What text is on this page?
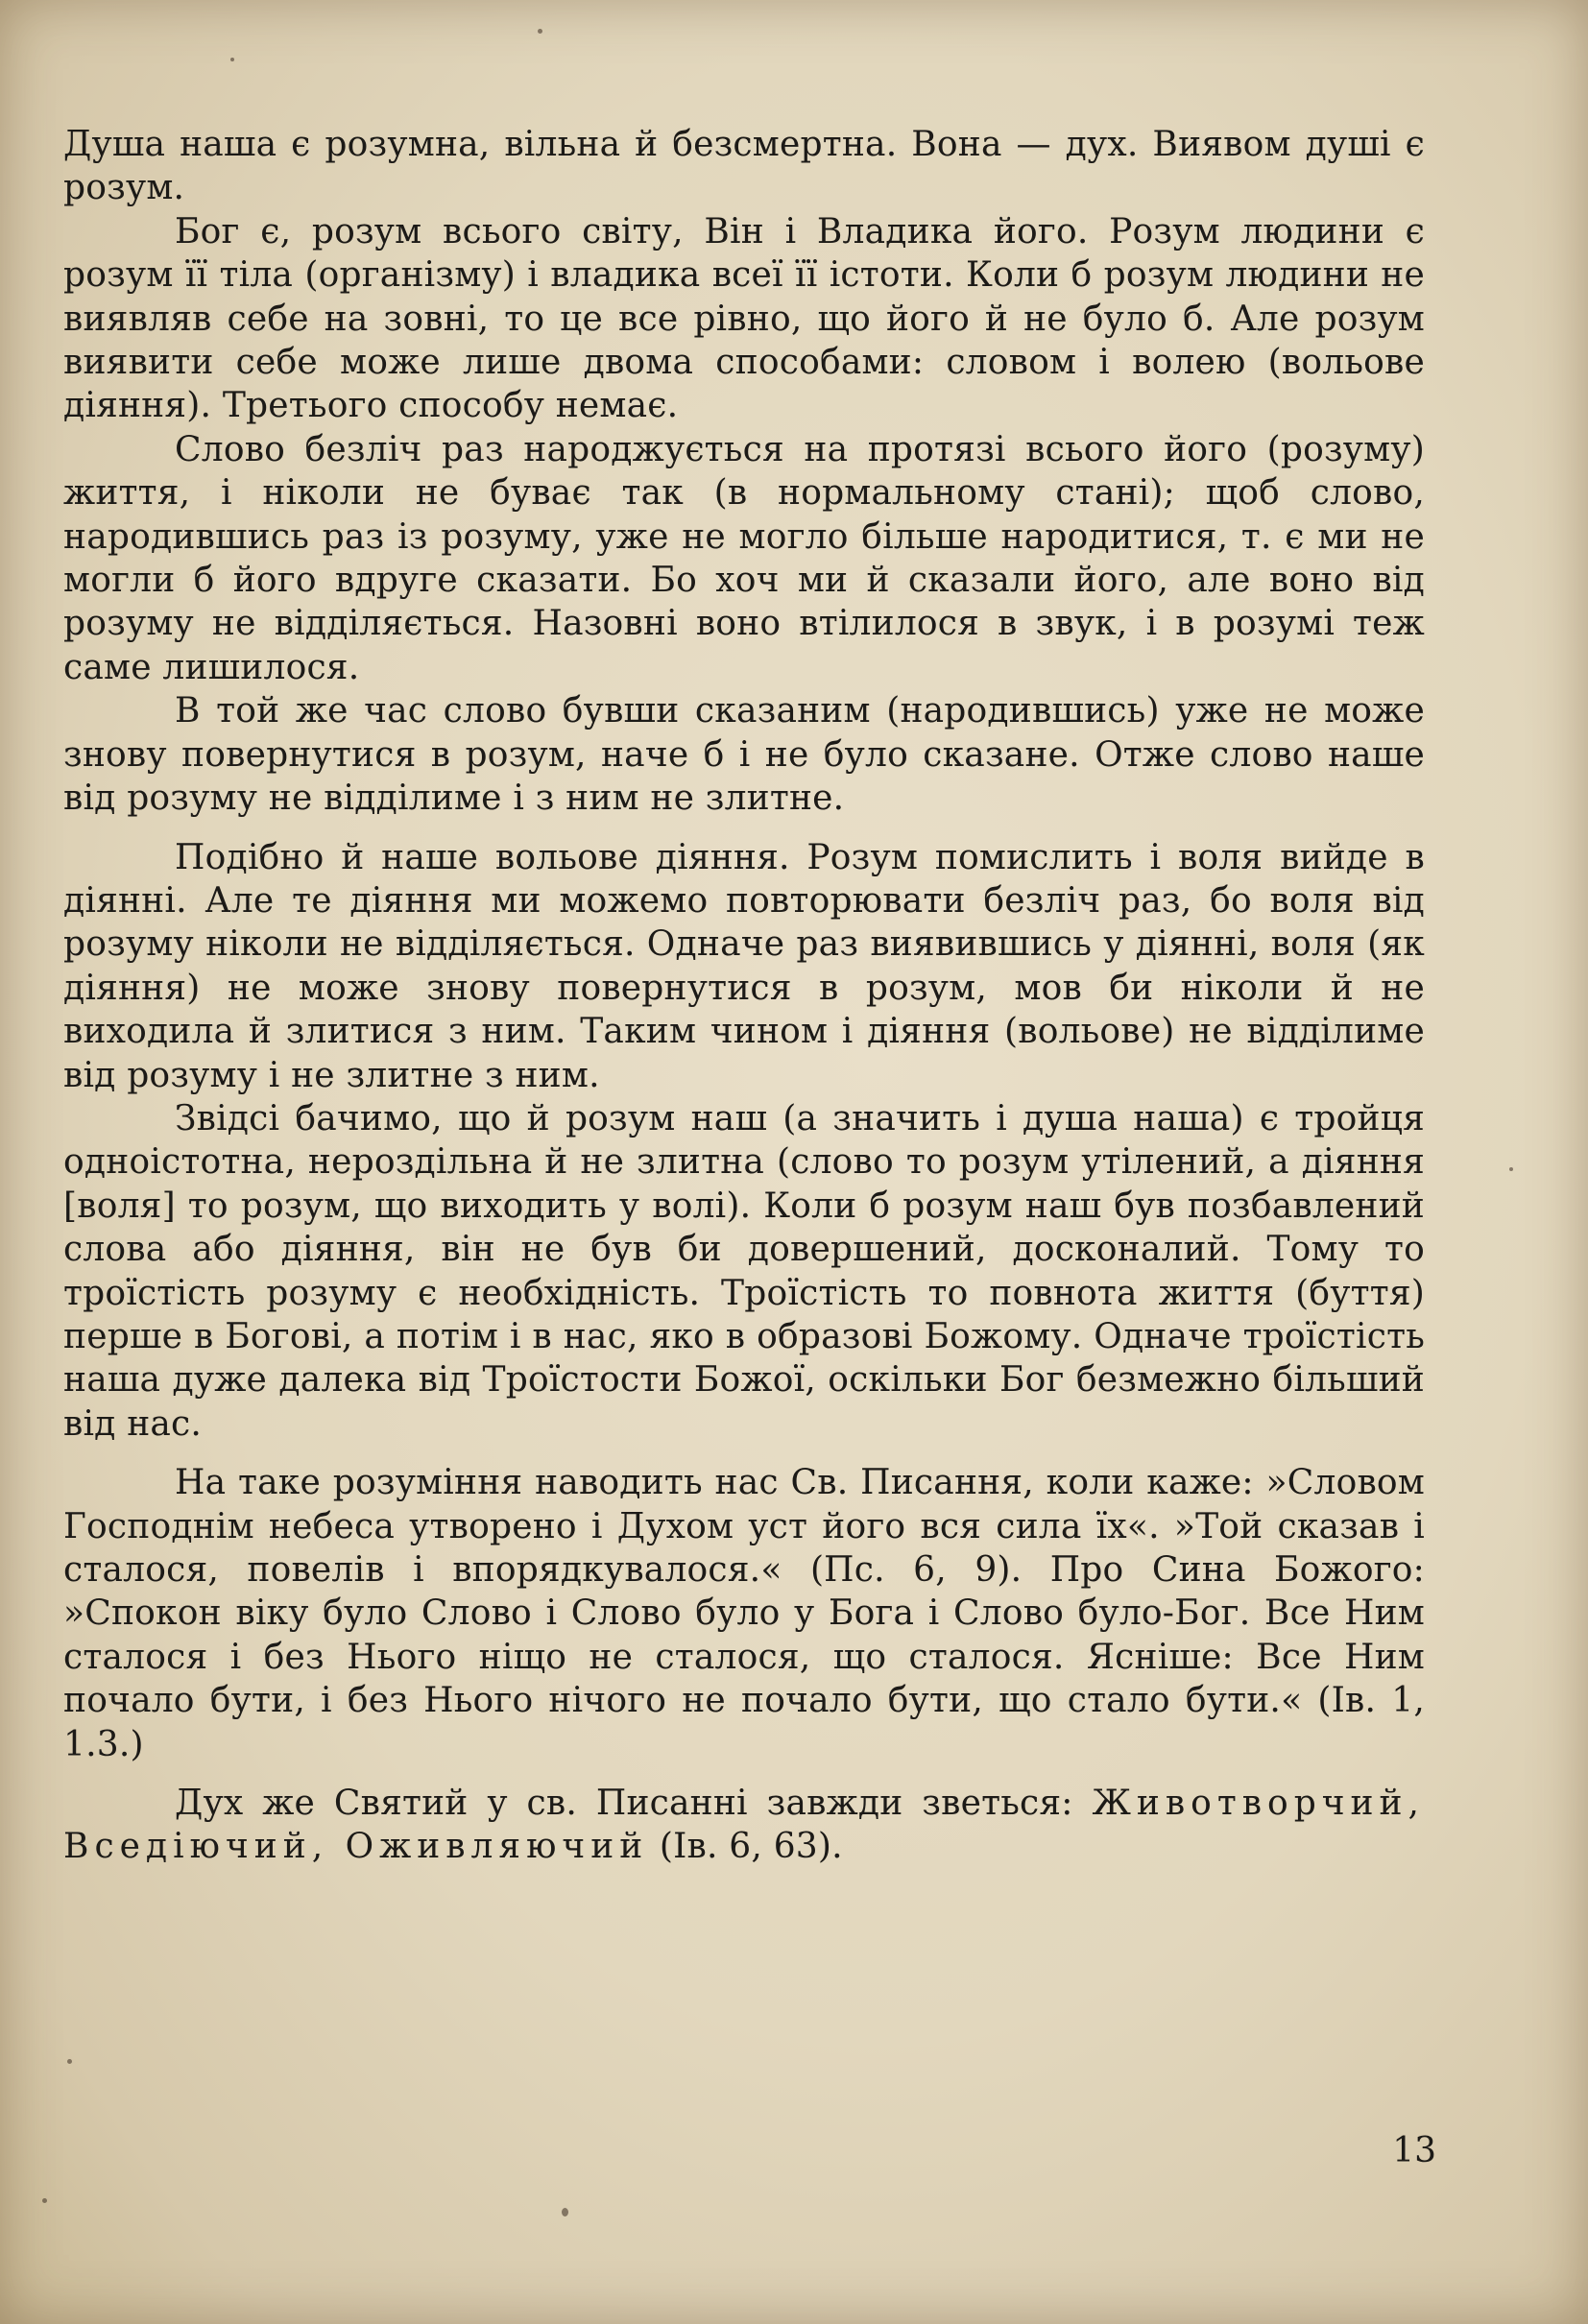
Душа наша є розумна, вільна й безсмертна. Вона — дух. Виявом душі є розум.

Бог є, розум всього світу, Він і Владика його. Розум людини є розум її тіла (організму) і владика всеї її істоти. Коли б розум людини не виявляв себе на зовні, то це все рівно, що його й не було б. Але розум виявити себе може лише двома способами: словом і волею (вольове діяння). Третього способу немає.

Слово безліч раз народжується на протязі всього його (розуму) життя, і ніколи не буває так (в нормальному стані); щоб слово, народившись раз із розуму, уже не могло більше народитися, т. є ми не могли б його вдруге сказати. Бо хоч ми й сказали його, але воно від розуму не відділяється. Назовні воно втілилося в звук, і в розумі теж саме лишилося.

В той же час слово бувши сказаним (народившись) уже не може знову повернутися в розум, наче б і не було сказане. Отже слово наше від розуму не відділиме і з ним не злитне.

Подібно й наше вольове діяння. Розум помислить і воля вийде в діянні. Але те діяння ми можемо повторювати безліч раз, бо воля від розуму ніколи не відділяється. Одначе раз виявившись у діянні, воля (як діяння) не може знову повернутися в розум, мов би ніколи й не виходила й злитися з ним. Таким чином і діяння (вольове) не відділиме від розуму і не злитне з ним.

Звідсі бачимо, що й розум наш (а значить і душа наша) є тройця одноістотна, нероздільна й не злитна (слово то розум утілений, а діяння [воля] то розум, що виходить у волі). Коли б розум наш був позбавлений слова або діяння, він не був би довершений, досконалий. Тому то троїстість розуму є необхідність. Троїстість то повнота життя (буття) перше в Богові, а потім і в нас, яко в образові Божому. Одначе троїстість наша дуже далека від Троїстости Божої, оскільки Бог безмежно більший від нас.

На таке розуміння наводить нас Св. Писання, коли каже: »Словом Господнім небеса утворено і Духом уст його вся сила їх«. »Той сказав і сталося, повелів і впорядкувалося.« (Пс. 6, 9). Про Сина Божого: »Спокон віку було Слово і Слово було у Бога і Слово було-Бог. Все Ним сталося і без Нього ніщо не сталося, що сталося. Ясніше: Все Ним почало бути, і без Нього нічого не почало бути, що стало бути.« (Ів. 1, 1.3.)

Дух же Святий у св. Писанні завжди зветься: Животворчий, Вседіючий, Оживляючий (Ів. 6, 63).

13
